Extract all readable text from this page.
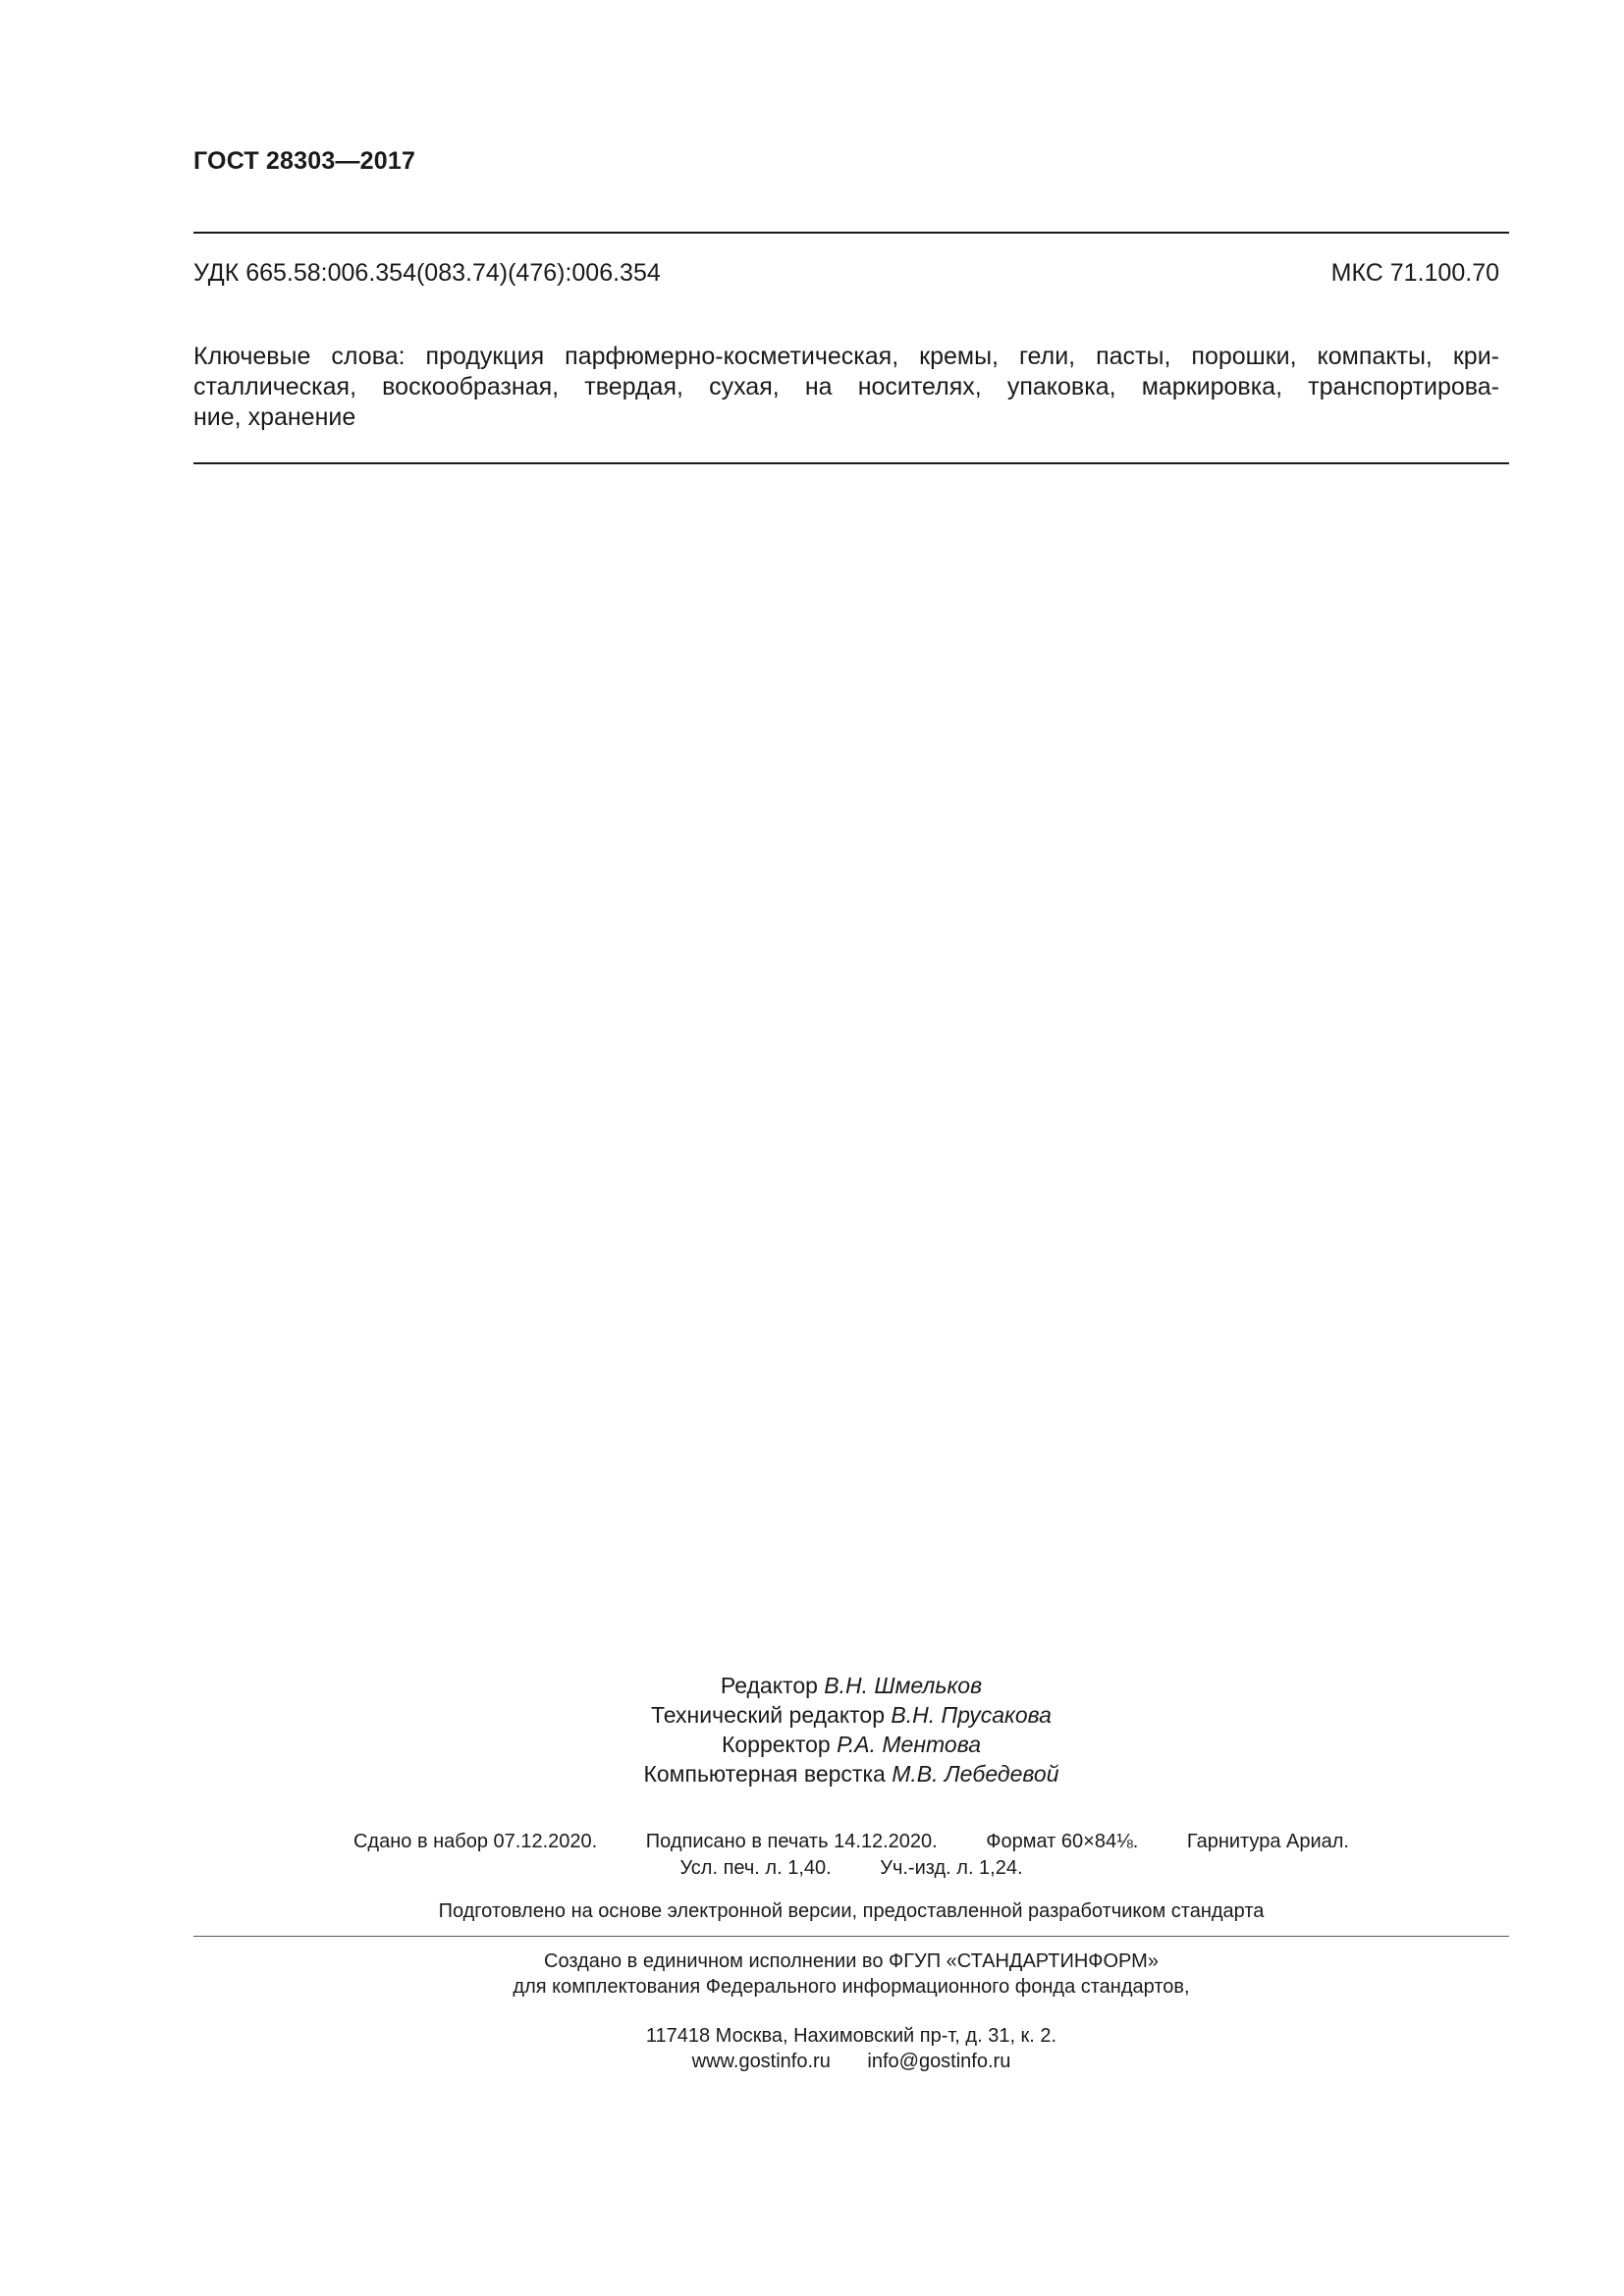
ГОСТ 28303—2017
УДК 665.58:006.354(083.74)(476):006.354	МКС 71.100.70
Ключевые слова: продукция парфюмерно-косметическая, кремы, гели, пасты, порошки, компакты, кри-
сталлическая, воскообразная, твердая, сухая, на носителях, упаковка, маркировка, транспортирова-
ние, хранение
Редактор В.Н. Шмельков
Технический редактор В.Н. Прусакова
Корректор Р.А. Ментова
Компьютерная верстка М.В. Лебедевой
Сдано в набор 07.12.2020. Подписано в печать 14.12.2020. Формат 60×84⅛. Гарнитура Ариал.
Усл. печ. л. 1,40. Уч.-изд. л. 1,24.
Подготовлено на основе электронной версии, предоставленной разработчиком стандарта
Создано в единичном исполнении во ФГУП «СТАНДАРТИНФОРМ»
для комплектования Федерального информационного фонда стандартов,
117418 Москва, Нахимовский пр-т, д. 31, к. 2.
www.gostinfo.ru info@gostinfo.ru
